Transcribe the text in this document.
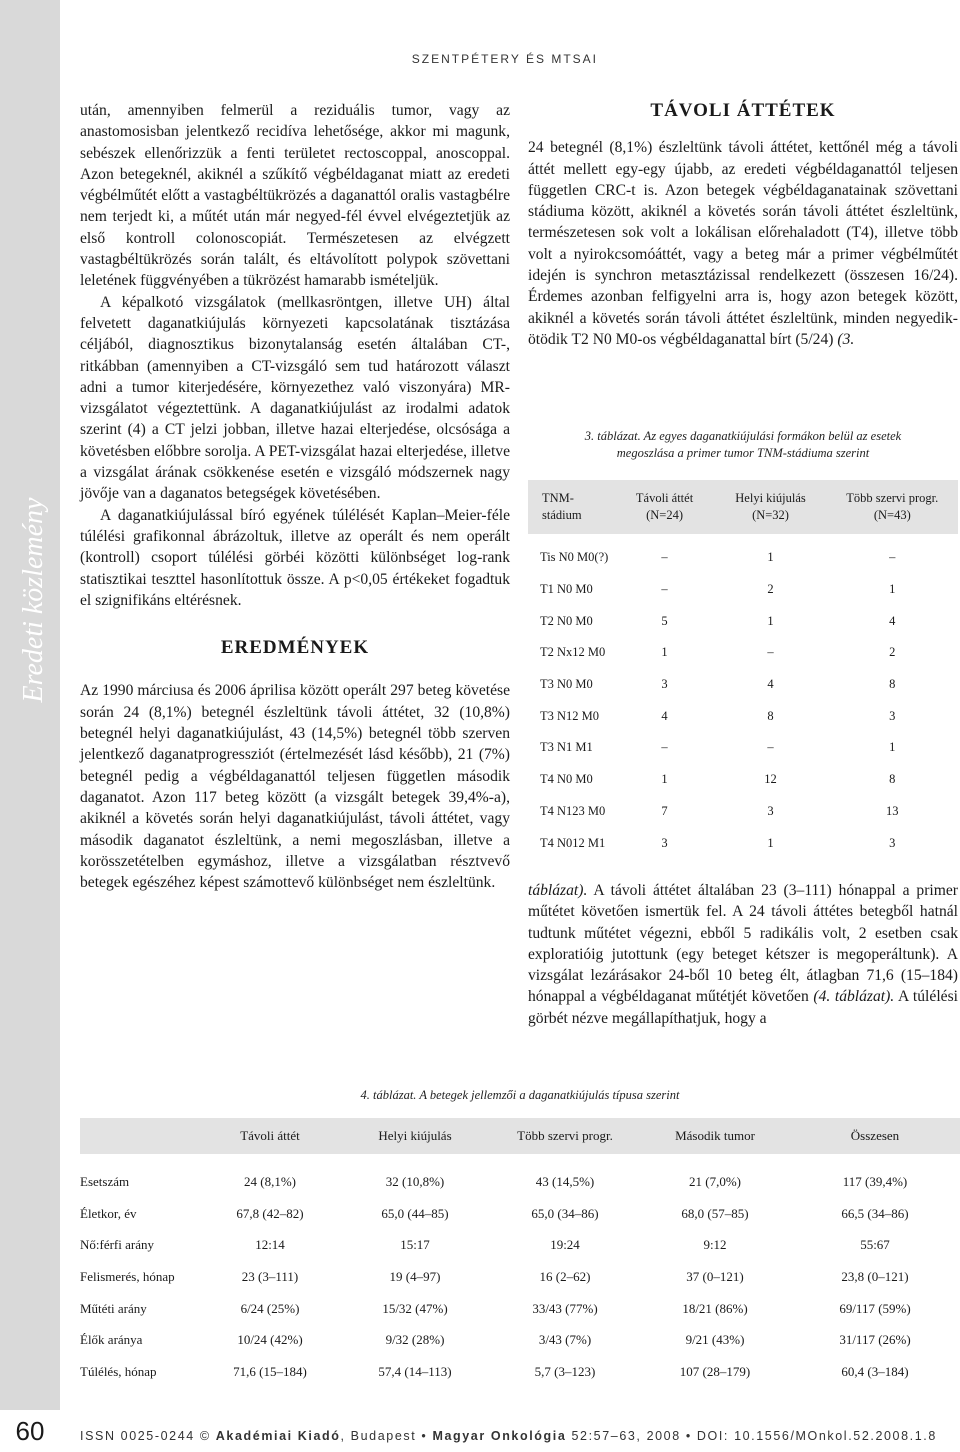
SZENTPÉTERY ÉS MTSAI
Eredeti közlemény

után, amennyiben felmerül a reziduális tumor, vagy az anastomosisban jelentkező recidíva lehetősége, akkor mi magunk, sebészek ellenőrizzük a fenti területet rectoscoppal, anoscoppal. Azon betegeknél, akiknél a szűkítő végbéldaganat miatt az eredeti végbélműtét előtt a vastagbéltükrözés a daganattól oralis vastagbélre nem terjedt ki, a műtét után már negyed-fél évvel elvégeztetjük az első kontroll colonoscopiát. Természetesen az elvégzett vastagbéltükrözés során talált, és eltávolított polypok szövettani leletének függvényében a tükrözést hamarabb ismételjük.

A képalkotó vizsgálatok (mellkasröntgen, illetve UH) által felvetett daganatkiújulás környezeti kapcsolatának tisztázása céljából, diagnosztikus bizonytalanság esetén általában CT-, ritkábban (amennyiben a CT-vizsgáló sem tud határozott választ adni a tumor kiterjedésére, környezethez való viszonyára) MR-vizsgálatot végeztettünk. A daganatkiújulást az irodalmi adatok szerint (4) a CT jelzi jobban, illetve hazai elterjedése, olcsósága a követésben előbbre sorolja. A PET-vizsgálat hazai elterjedése, illetve a vizsgálat árának csökkenése esetén e vizsgáló módszernek nagy jövője van a daganatos betegségek követésében.

A daganatkiújulással bíró egyének túlélését Kaplan–Meier-féle túlélési grafikonnal ábrázoltuk, illetve az operált és nem operált (kontroll) csoport túlélési görbéi közötti különbséget log-rank statisztikai teszttel hasonlítottuk össze. A p<0,05 értékeket fogadtuk el szignifikáns eltérésnek.

EREDMÉNYEK

Az 1990 márciusa és 2006 áprilisa között operált 297 beteg követése során 24 (8,1%) betegnél észleltünk távoli áttétet, 32 (10,8%) betegnél helyi daganatkiújulást, 43 (14,5%) betegnél több szerven jelentkező daganatprogressziót (értelmezését lásd később), 21 (7%) betegnél pedig a végbéldaganattól teljesen független második daganatot. Azon 117 beteg között (a vizsgált betegek 39,4%-a), akiknél a követés során helyi daganatkiújulást, távoli áttétet, vagy második daganatot észleltünk, a nemi megoszlásban, illetve a korösszetételben egymáshoz, illetve a vizsgálatban résztvevő betegek egészéhez képest számottevő különbséget nem észleltünk.

TÁVOLI ÁTTÉTEK

24 betegnél (8,1%) észleltünk távoli áttétet, kettőnél még a távoli áttét mellett egy-egy újabb, az eredeti végbéldaganattól teljesen független CRC-t is. Azon betegek végbéldaganatainak szövettani stádiuma között, akiknél a követés során távoli áttétet észleltünk, természetesen sok volt a lokálisan előrehaladott (T4), illetve több volt a nyirokcsomóáttét, vagy a beteg már a primer végbélműtét idején is synchron metasztázissal rendelkezett (összesen 16/24). Érdemes azonban felfigyelni arra is, hogy azon betegek között, akiknél a követés során távoli áttétet észleltünk, minden negyedik-ötödik T2 N0 M0-os végbéldaganattal bírt (5/24) (3.

3. táblázat. Az egyes daganatkiújulási formákon belül az esetek
megoszlása a primer tumor TNM-stádiuma szerint
TNM-stádium	Távoli áttét (N=24)	Helyi kiújulás (N=32)	Több szervi progr. (N=43)

Tis N0 M0(?)	–	1	–
T1 N0 M0	–	2	1
T2 N0 M0	5	1	4
T2 Nx12 M0	1	–	2
T3 N0 M0	3	4	8
T3 N12 M0	4	8	3
T3 N1 M1	–	–	1
T4 N0 M0	1	12	8
T4 N123 M0	7	3	13
T4 N012 M1	3	1	3

táblázat). A távoli áttétet általában 23 (3–111) hónappal a primer műtétet követően ismertük fel. A 24 távoli áttétes betegből hatnál tudtunk műtétet végezni, ebből 5 radikális volt, 2 esetben csak exploratióig jutottunk (egy beteget kétszer is megoperáltunk). A vizsgálat lezárásakor 24-ből 10 beteg élt, átlagban 71,6 (15–184) hónappal a végbéldaganat műtétjét követően (4. táblázat). A túlélési görbét nézve megállapíthatjuk, hogy a

4. táblázat. A betegek jellemzői a daganatkiújulás típusa szerint
	Távoli áttét	Helyi kiújulás	Több szervi progr.	Második tumor	Összesen

Esetszám	24 (8,1%)	32 (10,8%)	43 (14,5%)	21 (7,0%)	117 (39,4%)
Életkor, év	67,8 (42–82)	65,0 (44–85)	65,0 (34–86)	68,0 (57–85)	66,5 (34–86)
Nő:férfi arány	12:14	15:17	19:24	9:12	55:67
Felismerés, hónap	23 (3–111)	19 (4–97)	16 (2–62)	37 (0–121)	23,8 (0–121)
Műtéti arány	6/24 (25%)	15/32 (47%)	33/43 (77%)	18/21 (86%)	69/117 (59%)
Élők aránya	10/24 (42%)	9/32 (28%)	3/43 (7%)	9/21 (43%)	31/117 (26%)
Túlélés, hónap	71,6 (15–184)	57,4 (14–113)	5,7 (3–123)	107 (28–179)	60,4 (3–184)
60	ISSN 0025-0244 © Akadémiai Kiadó, Budapest • Magyar Onkológia 52:57–63, 2008 • DOI: 10.1556/MOnkol.52.2008.1.8
